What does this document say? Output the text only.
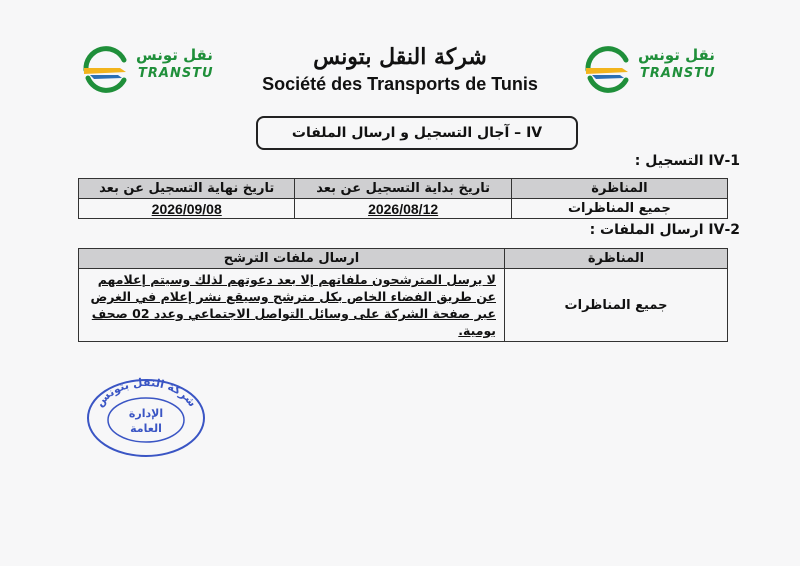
نقل تونس
TRANSTU
نقل تونس
TRANSTU
شركة النقل بتونس
Société des Transports de Tunis
IV – آجال التسجيل و ارسال الملفات
1-IV التسجيل :
المناظرة	تاريخ بداية التسجيل عن بعد	تاريخ نهاية التسجيل عن بعد
جميع المناظرات	2026/08/12	2026/09/08
2-IV ارسال الملفات :
المناظرة	ارسال ملفات الترشح
جميع المناظرات	لا يرسل المترشحون ملفاتهم إلا بعد دعوتهم لذلك وسيتم إعلامهم عن طريق الفضاء الخاص بكل مترشح وسيقع نشر إعلام في الغرض عبر صفحة الشركة على وسائل التواصل الاجتماعي وعدد 02 صحف يومية.
شركة النقل بتونس
الإدارة
العامة
